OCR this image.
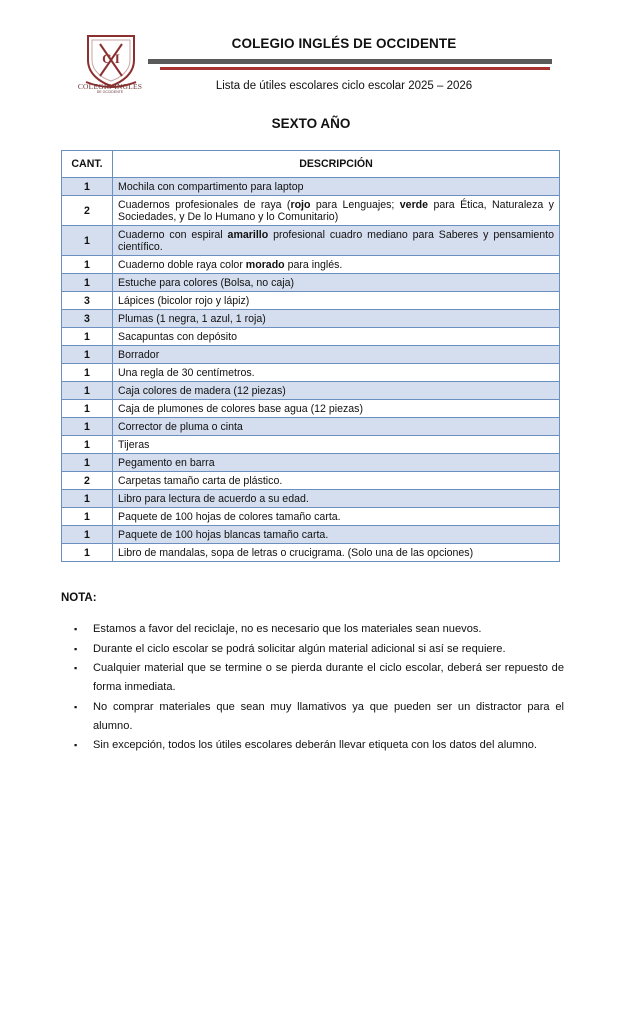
C I
COLEGIO INGLÉS
DE OCCIDENTE
COLEGIO INGLÉS DE OCCIDENTE
Lista de útiles escolares ciclo escolar 2025 – 2026
SEXTO AÑO
CANT.	DESCRIPCIÓN
1	Mochila con compartimento para laptop
2	Cuadernos profesionales de raya (rojo para Lenguajes; verde para Ética, Naturaleza y Sociedades, y De lo Humano y lo Comunitario)
1	Cuaderno con espiral amarillo profesional cuadro mediano para Saberes y pensamiento científico.
1	Cuaderno doble raya color morado para inglés.
1	Estuche para colores (Bolsa, no caja)
3	Lápices (bicolor rojo y lápiz)
3	Plumas (1 negra, 1 azul, 1 roja)
1	Sacapuntas con depósito
1	Borrador
1	Una regla de 30 centímetros.
1	Caja colores de madera (12 piezas)
1	Caja de plumones de colores base agua (12 piezas)
1	Corrector de pluma o cinta
1	Tijeras
1	Pegamento en barra
2	Carpetas tamaño carta de plástico.
1	Libro para lectura de acuerdo a su edad.
1	Paquete de 100 hojas de colores tamaño carta.
1	Paquete de 100 hojas blancas tamaño carta.
1	Libro de mandalas, sopa de letras o crucigrama. (Solo una de las opciones)
NOTA:
▪ Estamos a favor del reciclaje, no es necesario que los materiales sean nuevos.
▪ Durante el ciclo escolar se podrá solicitar algún material adicional si así se requiere.
▪ Cualquier material que se termine o se pierda durante el ciclo escolar, deberá ser repuesto de forma inmediata.
▪ No comprar materiales que sean muy llamativos ya que pueden ser un distractor para el alumno.
▪ Sin excepción, todos los útiles escolares deberán llevar etiqueta con los datos del alumno.
